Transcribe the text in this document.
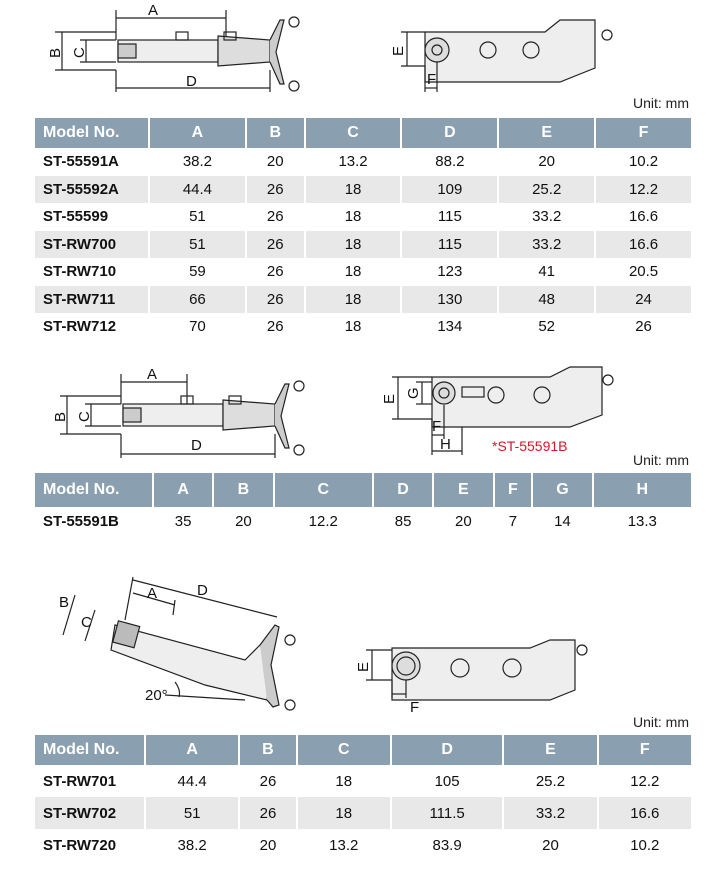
A
B C
D
E
F
Unit: mm
Model No.	A	B	C	D	E	F
ST-55591A	38.2	20	13.2	88.2	20	10.2
ST-55592A	44.4	26	18	109	25.2	12.2
ST-55599	51	26	18	115	33.2	16.6
ST-RW700	51	26	18	115	33.2	16.6
ST-RW710	59	26	18	123	41	20.5
ST-RW711	66	26	18	130	48	24
ST-RW712	70	26	18	134	52	26
A
B C
D
E G
F
H	*ST-55591B
Unit: mm
Model No.	A	B	C	D	E	F	G	H
ST-55591B	35	20	12.2	85	20	7	14	13.3
A
B
C
D
20°
E
F
Unit: mm
Model No.	A	B	C	D	E	F
ST-RW701	44.4	26	18	105	25.2	12.2
ST-RW702	51	26	18	111.5	33.2	16.6
ST-RW720	38.2	20	13.2	83.9	20	10.2
